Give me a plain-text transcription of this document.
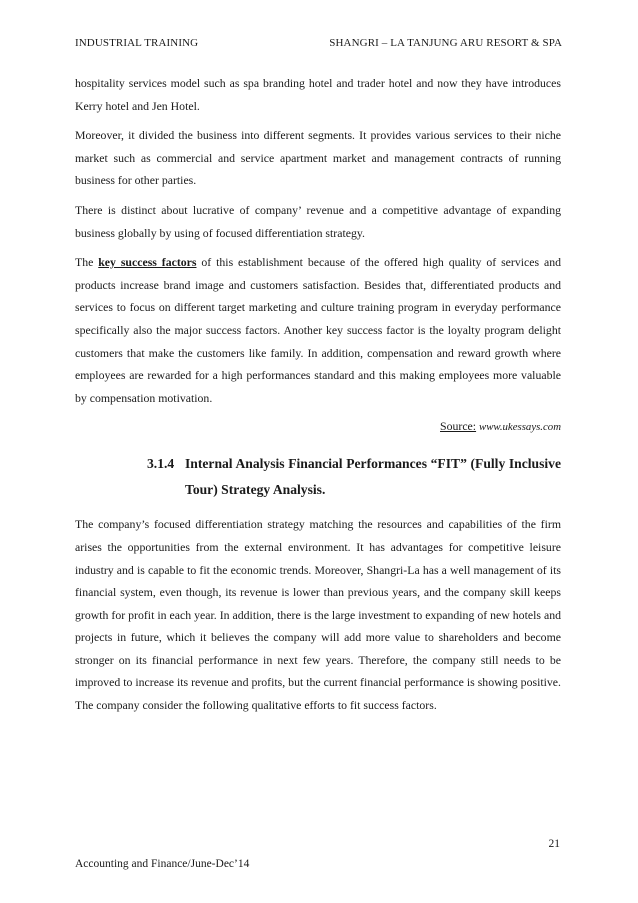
INDUSTRIAL TRAINING	SHANGRI – LA TANJUNG ARU RESORT & SPA

hospitality services model such as spa branding hotel and trader hotel and now they have introduces Kerry hotel and Jen Hotel.

Moreover, it divided the business into different segments. It provides various services to their niche market such as commercial and service apartment market and management contracts of running business for other parties.

There is distinct about lucrative of company’ revenue and a competitive advantage of expanding business globally by using of focused differentiation strategy.

The key success factors of this establishment because of the offered high quality of services and products increase brand image and customers satisfaction. Besides that, differentiated products and services to focus on different target marketing and culture training program in everyday performance specifically also the major success factors. Another key success factor is the loyalty program delight customers that make the customers like family. In addition, compensation and reward growth where employees are rewarded for a high performances standard and this making employees more valuable by compensation motivation.

Source: www.ukessays.com
3.1.4 Internal Analysis Financial Performances “FIT” (Fully Inclusive Tour) Strategy Analysis.

The company’s focused differentiation strategy matching the resources and capabilities of the firm arises the opportunities from the external environment. It has advantages for competitive leisure industry and is capable to fit the economic trends. Moreover, Shangri-La has a well management of its financial system, even though, its revenue is lower than previous years, and the company skill keeps growth for profit in each year. In addition, there is the large investment to expanding of new hotels and projects in future, which it believes the company will add more value to shareholders and become stronger on its financial performance in next few years. Therefore, the company still needs to be improved to increase its revenue and profits, but the current financial performance is showing positive. The company consider the following qualitative efforts to fit success factors.

21
Accounting and Finance/June-Dec’14
